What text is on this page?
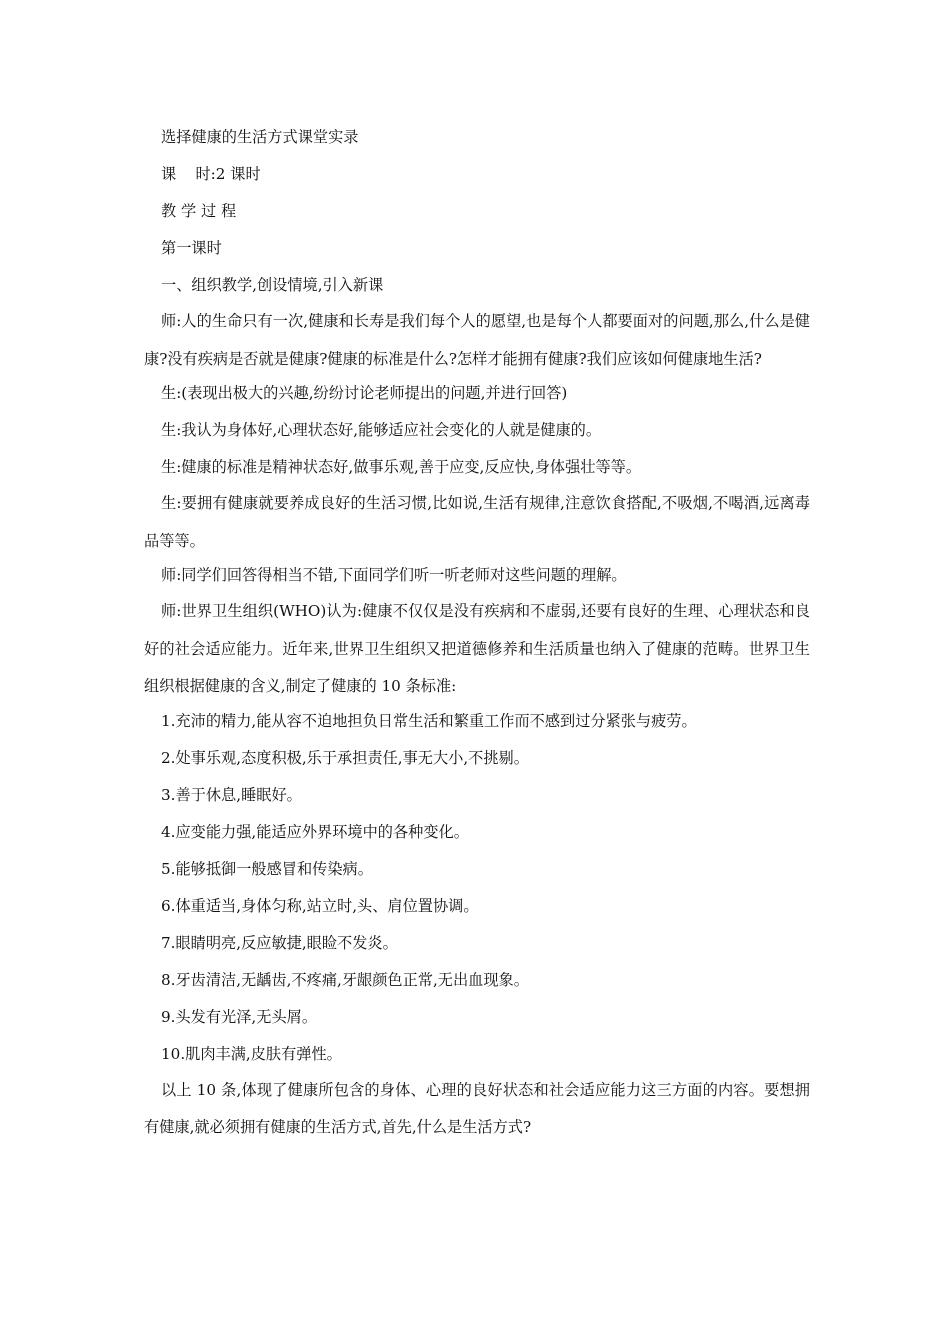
选择健康的生活方式课堂实录
课    时:2 课时
教 学 过 程
第一课时
一、组织教学,创设情境,引入新课
师:人的生命只有一次,健康和长寿是我们每个人的愿望,也是每个人都要面对的问题,那么,什么是健康?没有疾病是否就是健康?健康的标准是什么?怎样才能拥有健康?我们应该如何健康地生活?
生:(表现出极大的兴趣,纷纷讨论老师提出的问题,并进行回答)
生:我认为身体好,心理状态好,能够适应社会变化的人就是健康的。
生:健康的标准是精神状态好,做事乐观,善于应变,反应快,身体强壮等等。
生:要拥有健康就要养成良好的生活习惯,比如说,生活有规律,注意饮食搭配,不吸烟,不喝酒,远离毒品等等。
师:同学们回答得相当不错,下面同学们听一听老师对这些问题的理解。
师:世界卫生组织(WHO)认为:健康不仅仅是没有疾病和不虚弱,还要有良好的生理、心理状态和良好的社会适应能力。近年来,世界卫生组织又把道德修养和生活质量也纳入了健康的范畴。世界卫生组织根据健康的含义,制定了健康的 10 条标准:
1.充沛的精力,能从容不迫地担负日常生活和繁重工作而不感到过分紧张与疲劳。
2.处事乐观,态度积极,乐于承担责任,事无大小,不挑剔。
3.善于休息,睡眠好。
4.应变能力强,能适应外界环境中的各种变化。
5.能够抵御一般感冒和传染病。
6.体重适当,身体匀称,站立时,头、肩位置协调。
7.眼睛明亮,反应敏捷,眼睑不发炎。
8.牙齿清洁,无龋齿,不疼痛,牙龈颜色正常,无出血现象。
9.头发有光泽,无头屑。
10.肌肉丰满,皮肤有弹性。
以上 10 条,体现了健康所包含的身体、心理的良好状态和社会适应能力这三方面的内容。要想拥有健康,就必须拥有健康的生活方式,首先,什么是生活方式?
